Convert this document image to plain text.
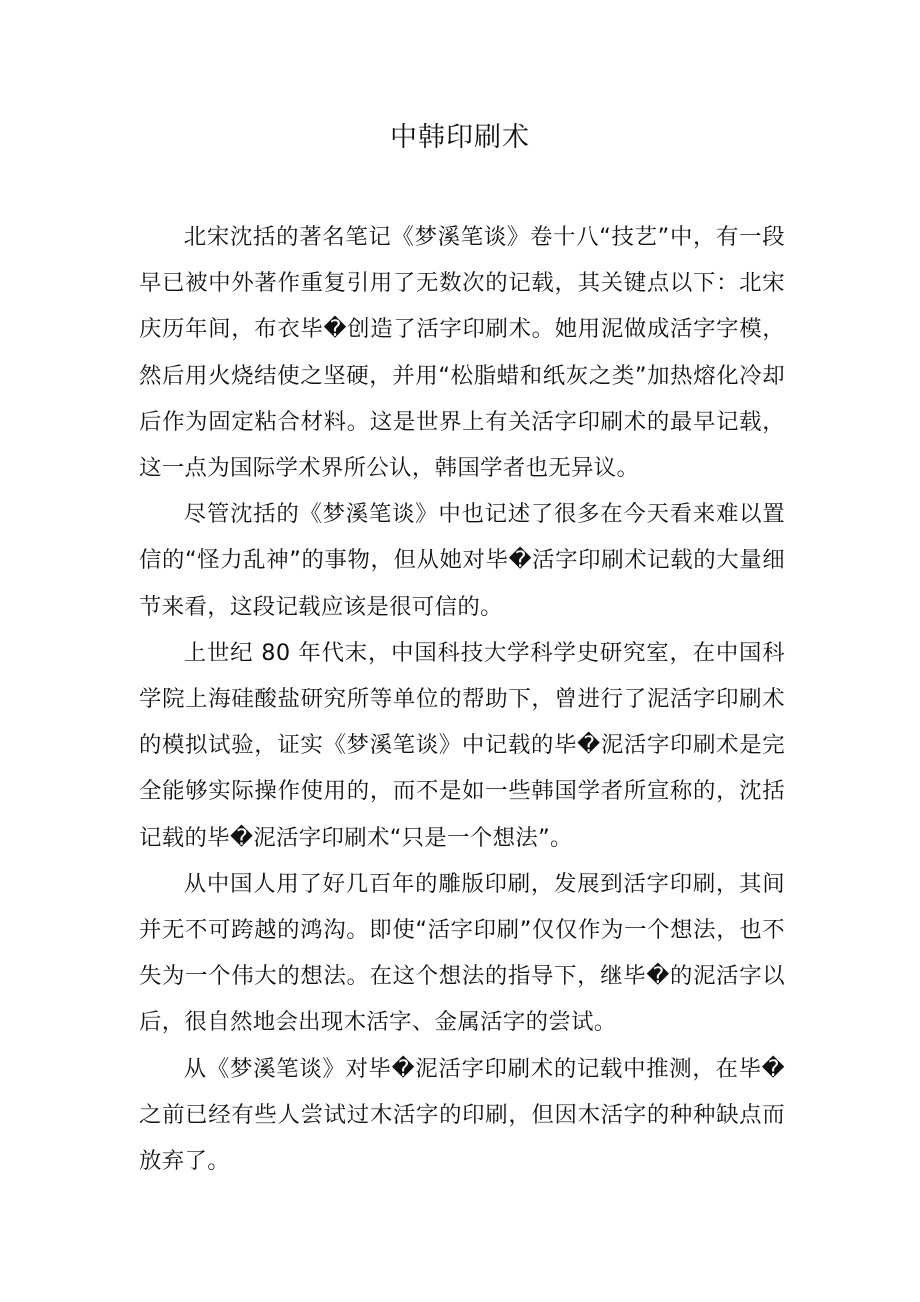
中韩印刷术

北宋沈括的著名笔记《梦溪笔谈》卷十八“技艺”中，有一段早已被中外著作重复引用了无数次的记载，其关键点以下：北宋庆历年间，布衣毕�创造了活字印刷术。她用泥做成活字字模，然后用火烧结使之坚硬，并用“松脂蜡和纸灰之类”加热熔化冷却后作为固定粘合材料。这是世界上有关活字印刷术的最早记载，这一点为国际学术界所公认，韩国学者也无异议。

尽管沈括的《梦溪笔谈》中也记述了很多在今天看来难以置信的“怪力乱神”的事物，但从她对毕�活字印刷术记载的大量细节来看，这段记载应该是很可信的。

上世纪 80 年代末，中国科技大学科学史研究室，在中国科学院上海硅酸盐研究所等单位的帮助下，曾进行了泥活字印刷术的模拟试验，证实《梦溪笔谈》中记载的毕�泥活字印刷术是完全能够实际操作使用的，而不是如一些韩国学者所宣称的，沈括记载的毕�泥活字印刷术“只是一个想法”。

从中国人用了好几百年的雕版印刷，发展到活字印刷，其间并无不可跨越的鸿沟。即使“活字印刷”仅仅作为一个想法，也不失为一个伟大的想法。在这个想法的指导下，继毕�的泥活字以后，很自然地会出现木活字、金属活字的尝试。

从《梦溪笔谈》对毕�泥活字印刷术的记载中推测，在毕�之前已经有些人尝试过木活字的印刷，但因木活字的种种缺点而放弃了。
